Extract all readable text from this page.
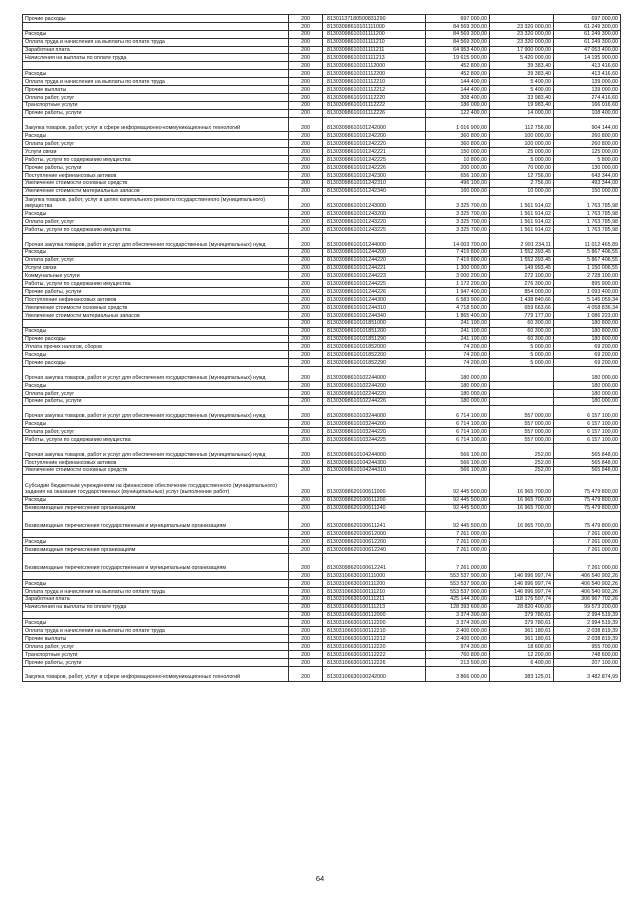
Прочие расходы	200	81301137180500831290	697 000,00		697 000,00
	200	81303098610101111000	84 569 300,00	23 320 000,00	61 249 300,00
Расходы	200	81303098610101111200	84 569 300,00	23 320 000,00	61 249 300,00
Оплата труда и начисления на выплаты по оплате труда	200	81303098610101111210	84 569 300,00	23 320 000,00	61 249 300,00
Заработная плата	200	81303098610101111211	64 953 400,00	17 900 000,00	47 053 400,00
Начисления на выплаты по оплате труда	200	81303098610101111213	19 615 900,00	5 420 000,00	14 195 900,00
	200	81303098610101112000	452 800,00	39 383,40	413 416,60
Расходы	200	81303098610101112200	452 800,00	39 383,40	413 416,60
Оплата труда и начисления на выплаты по оплате труда	200	81303098610101112210	144 400,00	5 400,00	139 000,00
Прочие выплаты	200	81303098610101112212	144 400,00	5 400,00	139 000,00
Оплата работ, услуг	200	81303098610101112220	308 400,00	33 983,40	274 416,60
Транспортные услуги	200	81303098610101112222	186 000,00	19 983,40	166 016,60
Прочие работы, услуги	200	81303098610101112226	122 400,00	14 000,00	108 400,00
Закупка товаров, работ, услуг в сфере информационно-коммуникационных технологий	200	81303098610101242000	1 016 900,00	112 756,00	904 144,00
Расходы	200	81303098610101242200	360 800,00	100 000,00	260 800,00
Оплата работ, услуг	200	81303098610101242220	360 800,00	100 000,00	260 800,00
Услуги связи	200	81303098610101242221	150 000,00	25 000,00	125 000,00
Работы, услуги по содержанию имущества	200	81303098610101242225	10 800,00	5 000,00	5 800,00
Прочие работы, услуги	200	81303098610101242226	200 000,00	70 000,00	130 000,00
Поступление нефинансовых активов	200	81303098610101242300	656 100,00	12 756,00	643 344,00
Увеличение стоимости основных средств	200	81303098610101242310	496 100,00	2 756,00	493 344,00
Увеличение стоимости материальных запасов	200	81303098610101242340	160 000,00	10 000,00	150 000,00
Закупка товаров, работ, услуг в целях капитального ремонта государственного (муниципального) имущества	200	81303098610101243000	3 325 700,00	1 561 914,02	1 763 785,98
Расходы	200	81303098610101243200	3 325 700,00	1 561 914,02	1 763 785,98
Оплата работ, услуг	200	81303098610101243220	3 325 700,00	1 561 914,02	1 763 785,98
Работы, услуги по содержанию имущества	200	81303098610101243225	3 325 700,00	1 561 914,02	1 763 785,98
Прочая закупка товаров, работ и услуг для обеспечения государственных (муниципальных) нужд	200	81303098610101244000	14 003 700,00	2 991 234,11	11 012 465,89
Расходы	200	81303098610101244200	7 419 800,00	1 552 393,45	5 867 406,55
Оплата работ, услуг	200	81303098610101244220	7 419 800,00	1 552 393,45	5 867 406,55
Услуги связи	200	81303098610101244221	1 300 000,00	149 993,45	1 150 006,55
Коммунальные услуги	200	81303098610101244223	3 000 200,00	272 100,00	2 728 100,00
Работы, услуги по содержанию имущества	200	81303098610101244225	1 172 200,00	276 300,00	895 900,00
Прочие работы, услуги	200	81303098610101244226	1 947 400,00	854 000,00	1 093 400,00
Поступление нефинансовых активов	200	81303098610101244300	6 583 900,00	1 438 840,66	5 145 059,34
Увеличение стоимости основных средств	200	81303098610101244310	4 718 500,00	659 663,66	4 058 836,34
Увеличение стоимости материальных запасов	200	81303098610101244340	1 865 400,00	779 177,00	1 086 223,00
	200	81303098610101851000	241 100,00	60 300,00	180 800,00
Расходы	200	81303098610101851200	241 100,00	60 300,00	180 800,00
Прочие расходы	200	81303098610101851290	241 100,00	60 300,00	180 800,00
Уплата прочих налогов, сборов	200	81303098610101852000	74 200,00	5 000,00	69 200,00
Расходы	200	81303098610101852200	74 200,00	5 000,00	69 200,00
Прочие расходы	200	81303098610101852290	74 200,00	5 000,00	69 200,00
Прочая закупка товаров, работ и услуг для обеспечения государственных (муниципальных) нужд	200	81303098610102244000	180 000,00		180 000,00
Расходы	200	81303098610102244200	180 000,00		180 000,00
Оплата работ, услуг	200	81303098610102244220	180 000,00		180 000,00
Прочие работы, услуги	200	81303098610102244226	180 000,00		180 000,00
Прочая закупка товаров, работ и услуг для обеспечения государственных (муниципальных) нужд	200	81303098610103244000	6 714 100,00	557 000,00	6 157 100,00
Расходы	200	81303098610103244200	6 714 100,00	557 000,00	6 157 100,00
Оплата работ, услуг	200	81303098610103244220	6 714 100,00	557 000,00	6 157 100,00
Работы, услуги по содержанию имущества	200	81303098610103244225	6 714 100,00	557 000,00	6 157 100,00
Прочая закупка товаров, работ и услуг для обеспечения государственных (муниципальных) нужд	200	81303098610104244000	566 100,00	252,00	565 848,00
Поступление нефинансовых активов	200	81303098610104244300	566 100,00	252,00	565 848,00
Увеличение стоимости основных средств	200	81303098610104244310	566 100,00	252,00	565 848,00
Субсидии бюджетным учреждениям на финансовое обеспечение государственного (муниципального) задания на оказание государственных (муниципальных) услуг (выполнение работ)	200	81303098620100611000	92 445 500,00	16 965 700,00	75 479 800,00
Расходы	200	81303098620100611200	92 445 500,00	16 965 700,00	75 479 800,00
Безвозмездные перечисления организациям	200	81303098620100611240	92 445 500,00	16 965 700,00	75 479 800,00
Безвозмездные перечисления государственным и муниципальным организациям	200	81303098620100611241	92 445 500,00	16 965 700,00	75 479 800,00
	200	81303098620100612000	7 261 000,00		7 261 000,00
Расходы	200	81303098620100612200	7 261 000,00		7 261 000,00
Безвозмездные перечисления организациям	200	81303098620100612240	7 261 000,00		7 261 000,00
Безвозмездные перечисления государственным и муниципальным организациям	200	81303098620100612241	7 261 000,00		7 261 000,00
	200	81303106630100111000	553 537 900,00	146 996 997,74	406 540 902,26
Расходы	200	81303106630100111200	553 537 900,00	146 996 997,74	406 540 902,26
Оплата труда и начисления на выплаты по оплате труда	200	81303106630100111210	553 537 900,00	146 996 997,74	406 540 902,26
Заработная плата	200	81303106630100111211	425 144 300,00	118 176 597,74	306 967 702,26
Начисления на выплаты по оплате труда	200	81303106630100111213	128 393 600,00	28 820 400,00	99 573 200,00
	200	81303106630100112000	3 374 300,00	379 780,61	2 994 519,39
Расходы	200	81303106630100112200	3 374 300,00	379 780,61	2 994 519,39
Оплата труда и начисления на выплаты по оплате труда	200	81303106630100112210	2 400 000,00	361 180,61	2 038 819,39
Прочие выплаты	200	81303106630100112212	2 400 000,00	361 180,61	2 038 819,39
Оплата работ, услуг	200	81303106630100112220	974 300,00	18 600,00	955 700,00
Транспортные услуги	200	81303106630100112222	760 800,00	12 200,00	748 600,00
Прочие работы, услуги	200	81303106630100112226	213 500,00	6 400,00	207 100,00
Закупка товаров, работ, услуг в сфере информационно-коммуникационных технологий	200	81303106630100242000	3 866 000,00	383 125,01	3 482 874,99
64
